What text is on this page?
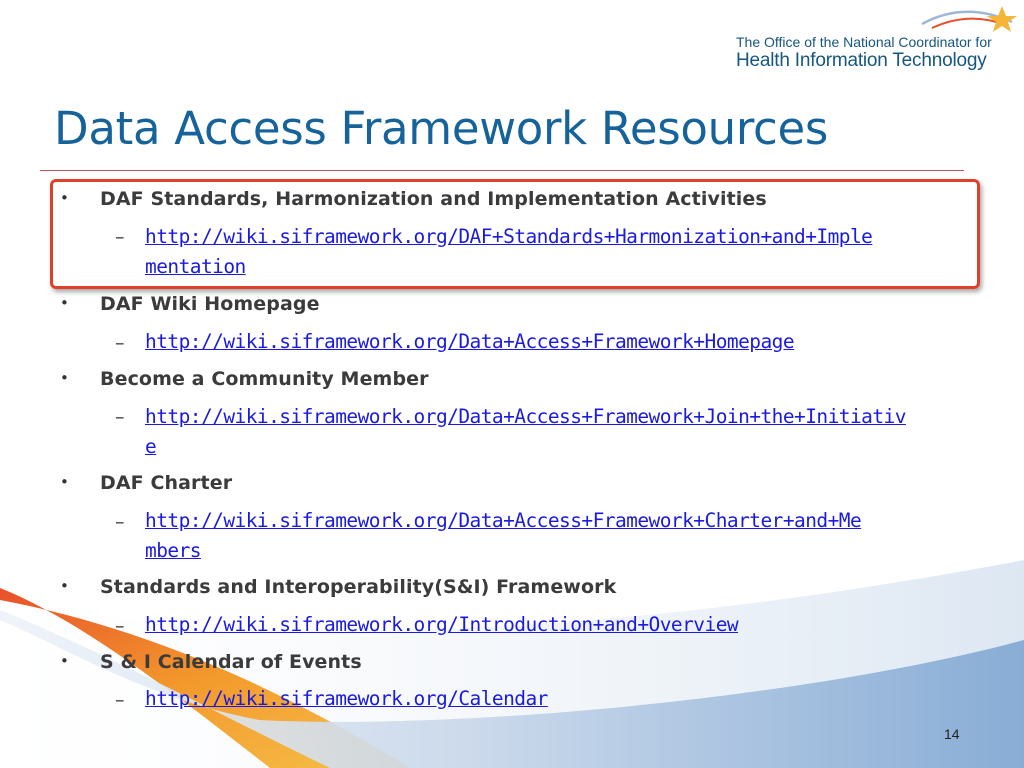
The Office of the National Coordinator for
Health Information Technology
Data Access Framework Resources
• DAF Standards, Harmonization and Implementation Activities
– http://wiki.siframework.org/DAF+Standards+Harmonization+and+Imple
mentation
• DAF Wiki Homepage
– http://wiki.siframework.org/Data+Access+Framework+Homepage
• Become a Community Member
– http://wiki.siframework.org/Data+Access+Framework+Join+the+Initiativ
e
• DAF Charter
– http://wiki.siframework.org/Data+Access+Framework+Charter+and+Me
mbers
• Standards and Interoperability(S&I) Framework
– http://wiki.siframework.org/Introduction+and+Overview
• S & I Calendar of Events
– http://wiki.siframework.org/Calendar
14
